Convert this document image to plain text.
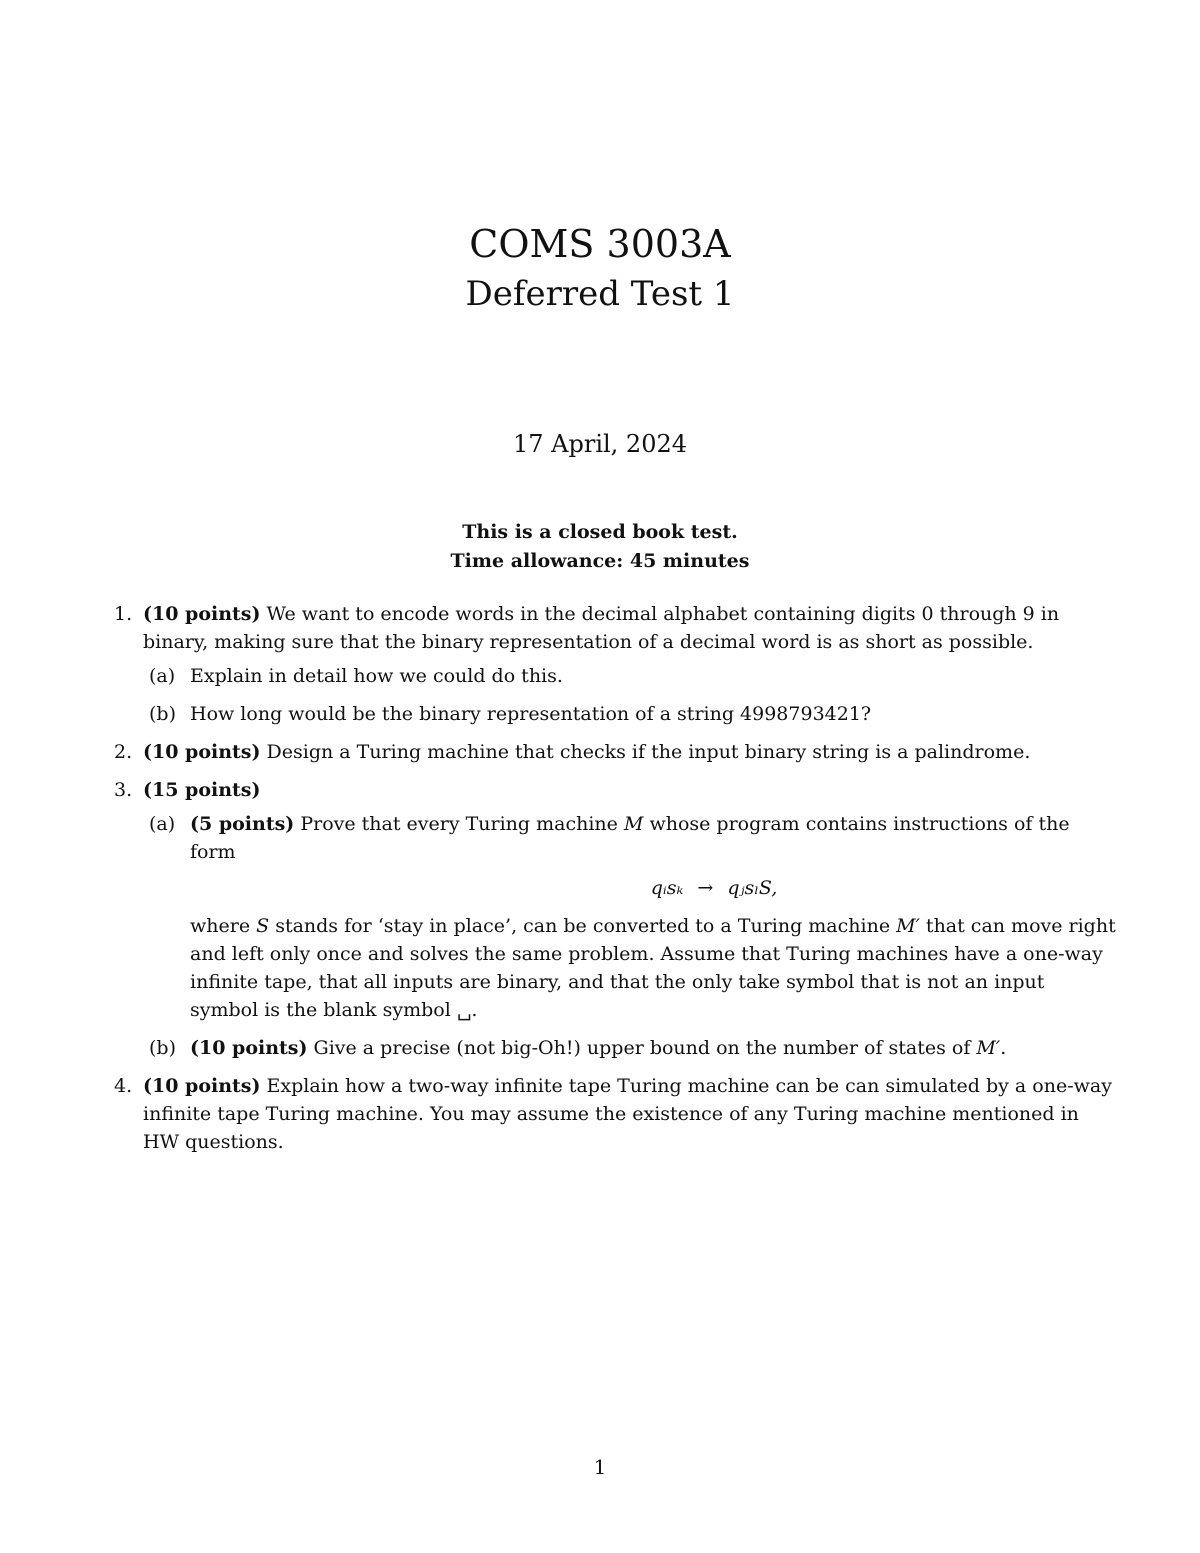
COMS 3003A
Deferred Test 1
17 April, 2024
This is a closed book test.
Time allowance: 45 minutes
1. (10 points) We want to encode words in the decimal alphabet containing digits 0 through 9 in binary, making sure that the binary representation of a decimal word is as short as possible.
(a) Explain in detail how we could do this.
(b) How long would be the binary representation of a string 4998793421?
2. (10 points) Design a Turing machine that checks if the input binary string is a palindrome.
3. (15 points)
(a) (5 points) Prove that every Turing machine M whose program contains instructions of the form
qᵢsₖ → qⱼsₗS,
where S stands for ‘stay in place’, can be converted to a Turing machine M′ that can move right and left only once and solves the same problem. Assume that Turing machines have a one-way infinite tape, that all inputs are binary, and that the only take symbol that is not an input symbol is the blank symbol ␣.
(b) (10 points) Give a precise (not big-Oh!) upper bound on the number of states of M′.
4. (10 points) Explain how a two-way infinite tape Turing machine can be can simulated by a one-way infinite tape Turing machine. You may assume the existence of any Turing machine mentioned in HW questions.
1
